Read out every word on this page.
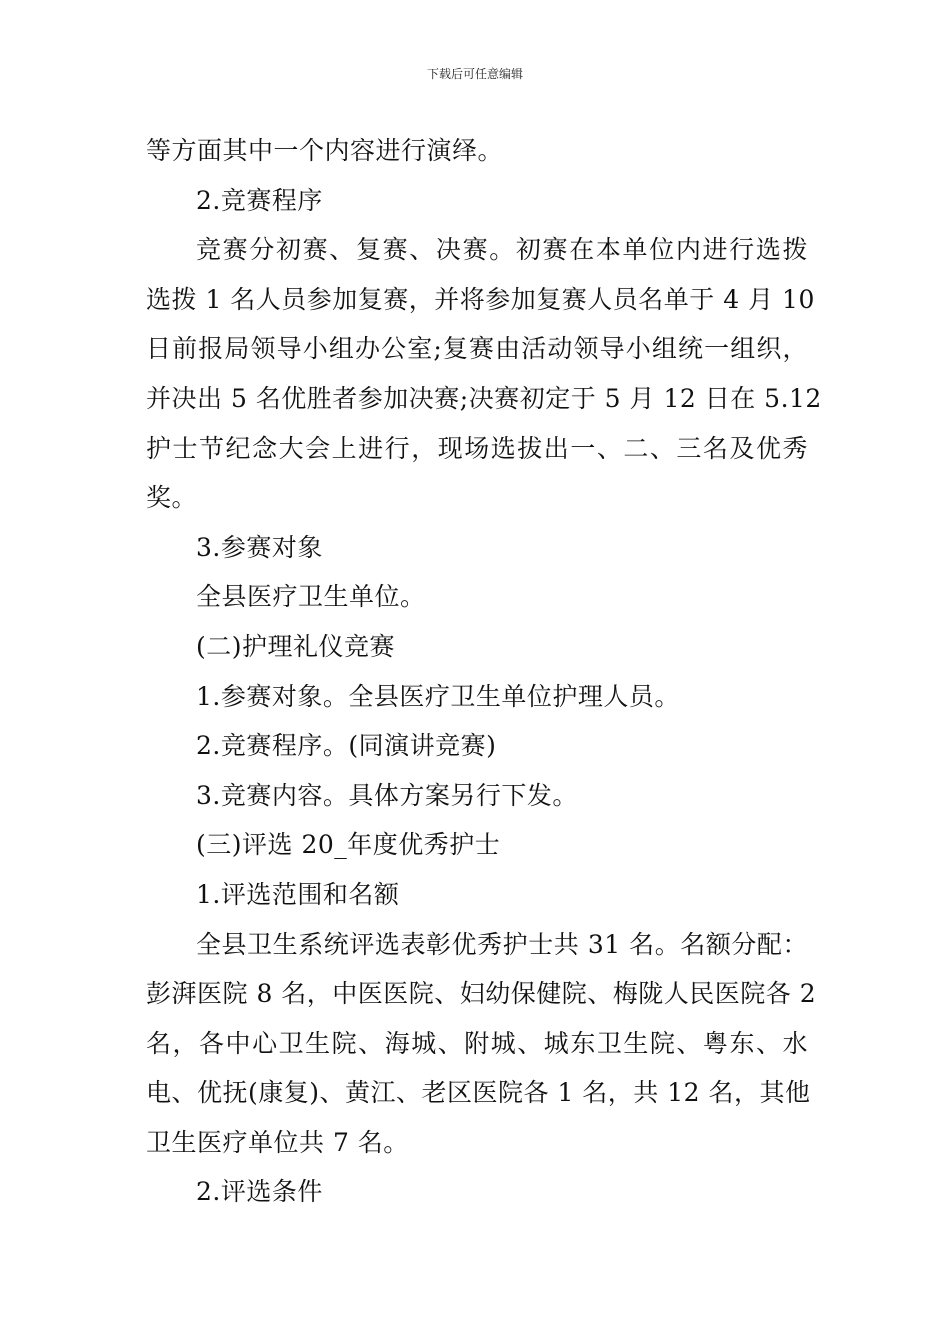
下载后可任意编辑

等方面其中一个内容进行演绎。

2.竞赛程序

竞赛分初赛、复赛、决赛。初赛在本单位内进行选拨

选拨 1 名人员参加复赛，并将参加复赛人员名单于 4 月 10

日前报局领导小组办公室;复赛由活动领导小组统一组织，

并决出 5 名优胜者参加决赛;决赛初定于 5 月 12 日在 5.12

护士节纪念大会上进行，现场选拔出一、二、三名及优秀

奖。

3.参赛对象

全县医疗卫生单位。

(二)护理礼仪竞赛

1.参赛对象。全县医疗卫生单位护理人员。

2.竞赛程序。(同演讲竞赛)

3.竞赛内容。具体方案另行下发。

(三)评选 20_年度优秀护士

1.评选范围和名额

全县卫生系统评选表彰优秀护士共 31 名。名额分配：

彭湃医院 8 名，中医医院、妇幼保健院、梅陇人民医院各 2

名，各中心卫生院、海城、附城、城东卫生院、粤东、水

电、优抚(康复)、黄江、老区医院各 1 名，共 12 名，其他

卫生医疗单位共 7 名。

2.评选条件
